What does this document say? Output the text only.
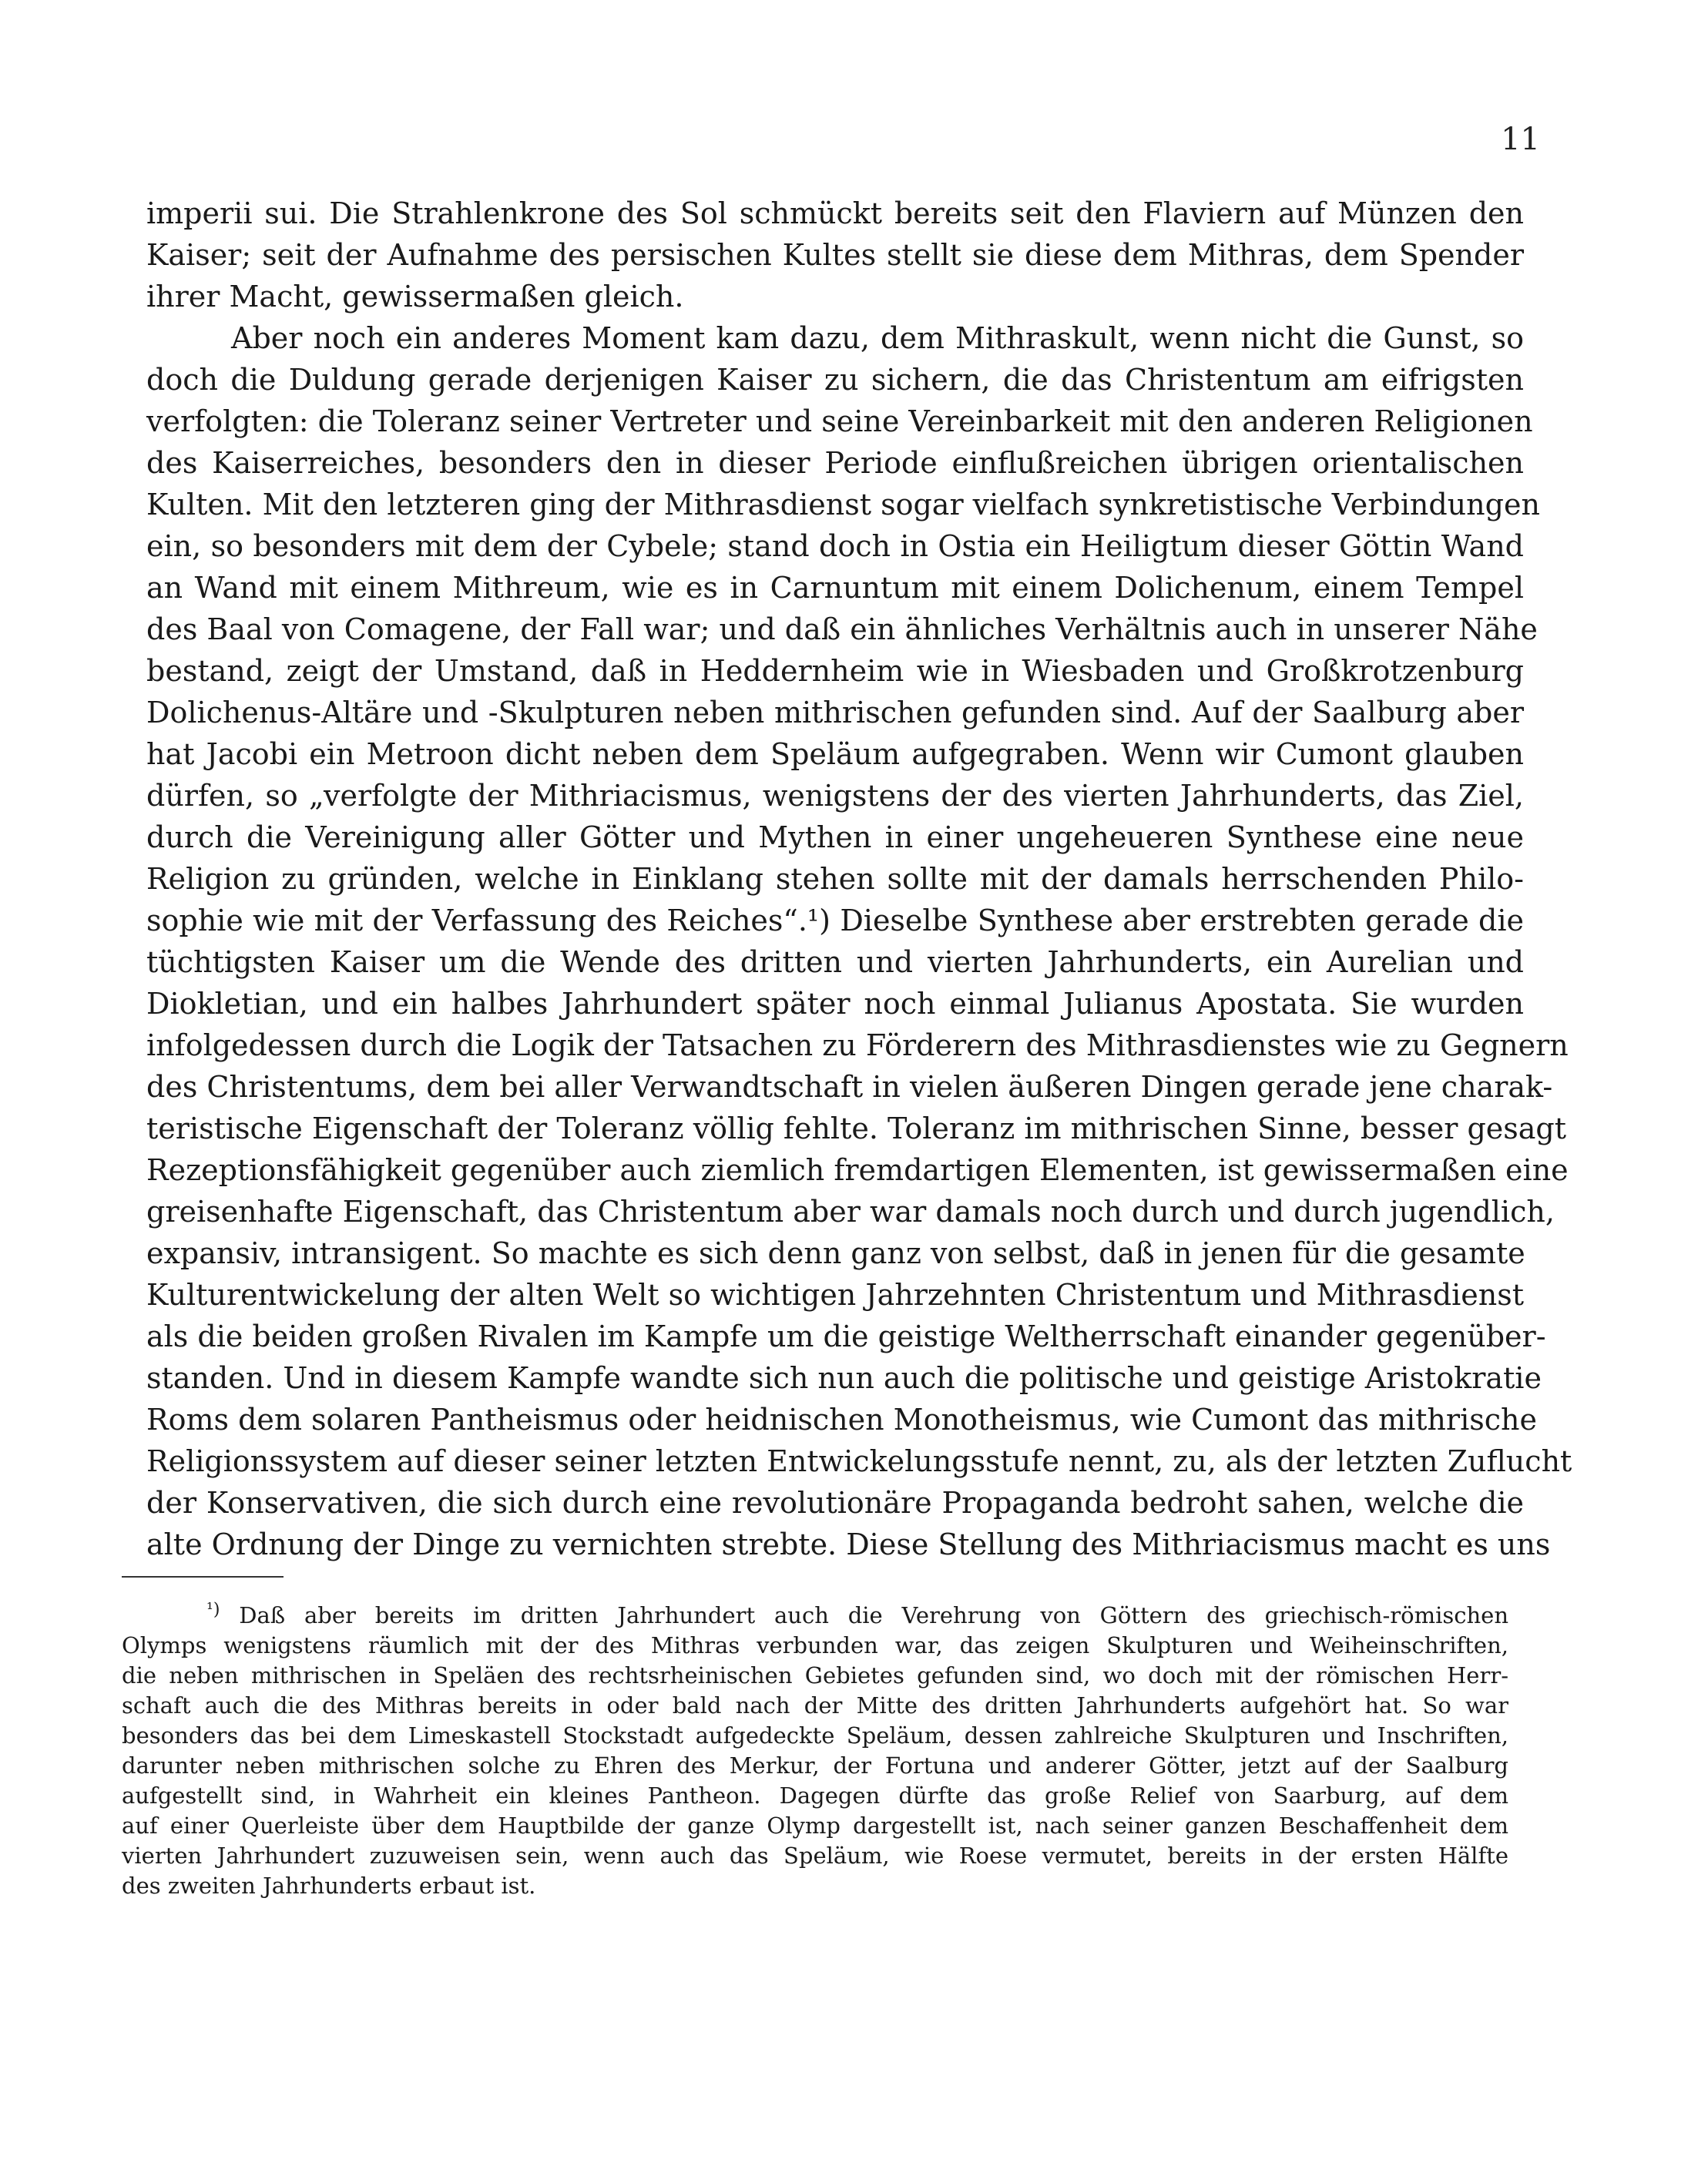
11
imperii sui. Die Strahlenkrone des Sol schmückt bereits seit den Flaviern auf Münzen den
Kaiser; seit der Aufnahme des persischen Kultes stellt sie diese dem Mithras, dem Spender
ihrer Macht, gewissermaßen gleich.
Aber noch ein anderes Moment kam dazu, dem Mithraskult, wenn nicht die Gunst, so
doch die Duldung gerade derjenigen Kaiser zu sichern, die das Christentum am eifrigsten
verfolgten: die Toleranz seiner Vertreter und seine Vereinbarkeit mit den anderen Religionen
des Kaiserreiches, besonders den in dieser Periode einflußreichen übrigen orientalischen
Kulten. Mit den letzteren ging der Mithrasdienst sogar vielfach synkretistische Verbindungen
ein, so besonders mit dem der Cybele; stand doch in Ostia ein Heiligtum dieser Göttin Wand
an Wand mit einem Mithreum, wie es in Carnuntum mit einem Dolichenum, einem Tempel
des Baal von Comagene, der Fall war; und daß ein ähnliches Verhältnis auch in unserer Nähe
bestand, zeigt der Umstand, daß in Heddernheim wie in Wiesbaden und Großkrotzenburg
Dolichenus-Altäre und -Skulpturen neben mithrischen gefunden sind. Auf der Saalburg aber
hat Jacobi ein Metroon dicht neben dem Speläum aufgegraben. Wenn wir Cumont glauben
dürfen, so „verfolgte der Mithriacismus, wenigstens der des vierten Jahrhunderts, das Ziel,
durch die Vereinigung aller Götter und Mythen in einer ungeheueren Synthese eine neue
Religion zu gründen, welche in Einklang stehen sollte mit der damals herrschenden Philo-
sophie wie mit der Verfassung des Reiches“.¹) Dieselbe Synthese aber erstrebten gerade die
tüchtigsten Kaiser um die Wende des dritten und vierten Jahrhunderts, ein Aurelian und
Diokletian, und ein halbes Jahrhundert später noch einmal Julianus Apostata. Sie wurden
infolgedessen durch die Logik der Tatsachen zu Förderern des Mithrasdienstes wie zu Gegnern
des Christentums, dem bei aller Verwandtschaft in vielen äußeren Dingen gerade jene charak-
teristische Eigenschaft der Toleranz völlig fehlte. Toleranz im mithrischen Sinne, besser gesagt
Rezeptionsfähigkeit gegenüber auch ziemlich fremdartigen Elementen, ist gewissermaßen eine
greisenhafte Eigenschaft, das Christentum aber war damals noch durch und durch jugendlich,
expansiv, intransigent. So machte es sich denn ganz von selbst, daß in jenen für die gesamte
Kulturentwickelung der alten Welt so wichtigen Jahrzehnten Christentum und Mithrasdienst
als die beiden großen Rivalen im Kampfe um die geistige Weltherrschaft einander gegenüber-
standen. Und in diesem Kampfe wandte sich nun auch die politische und geistige Aristokratie
Roms dem solaren Pantheismus oder heidnischen Monotheismus, wie Cumont das mithrische
Religionssystem auf dieser seiner letzten Entwickelungsstufe nennt, zu, als der letzten Zuflucht
der Konservativen, die sich durch eine revolutionäre Propaganda bedroht sahen, welche die
alte Ordnung der Dinge zu vernichten strebte. Diese Stellung des Mithriacismus macht es uns
$^{^1)}$ Daß aber bereits im dritten Jahrhundert auch die Verehrung von Göttern des griechisch-römischen
Olymps wenigstens räumlich mit der des Mithras verbunden war, das zeigen Skulpturen und Weiheinschriften,
die neben mithrischen in Speläen des rechtsrheinischen Gebietes gefunden sind, wo doch mit der römischen Herr-
schaft auch die des Mithras bereits in oder bald nach der Mitte des dritten Jahrhunderts aufgehört hat. So war
besonders das bei dem Limeskastell Stockstadt aufgedeckte Speläum, dessen zahlreiche Skulpturen und Inschriften,
darunter neben mithrischen solche zu Ehren des Merkur, der Fortuna und anderer Götter, jetzt auf der Saalburg
aufgestellt sind, in Wahrheit ein kleines Pantheon. Dagegen dürfte das große Relief von Saarburg, auf dem
auf einer Querleiste über dem Hauptbilde der ganze Olymp dargestellt ist, nach seiner ganzen Beschaffenheit dem
vierten Jahrhundert zuzuweisen sein, wenn auch das Speläum, wie Roese vermutet, bereits in der ersten Hälfte
des zweiten Jahrhunderts erbaut ist.
